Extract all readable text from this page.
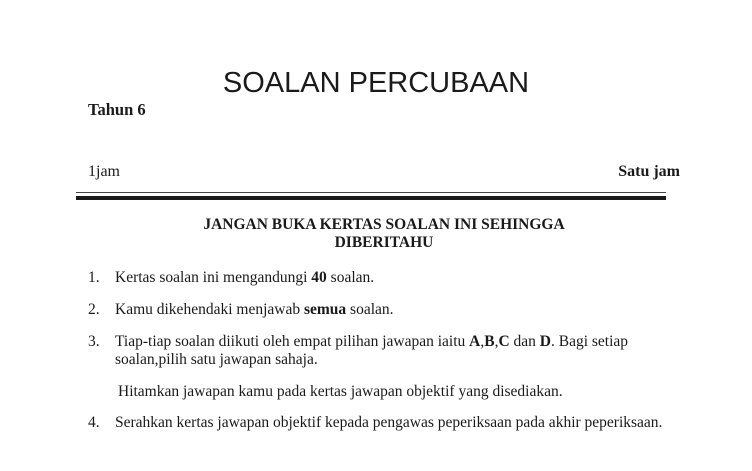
SOALAN PERCUBAAN
Tahun 6
1jam	Satu jam
JANGAN BUKA KERTAS SOALAN INI SEHINGGA
DIBERITAHU
1. Kertas soalan ini mengandungi 40 soalan.
2. Kamu dikehendaki menjawab semua soalan.
3. Tiap-tiap soalan diikuti oleh empat pilihan jawapan iaitu A,B,C dan D. Bagi setiap soalan,pilih satu jawapan sahaja.
Hitamkan jawapan kamu pada kertas jawapan objektif yang disediakan.
4. Serahkan kertas jawapan objektif kepada pengawas peperiksaan pada akhir peperiksaan.
